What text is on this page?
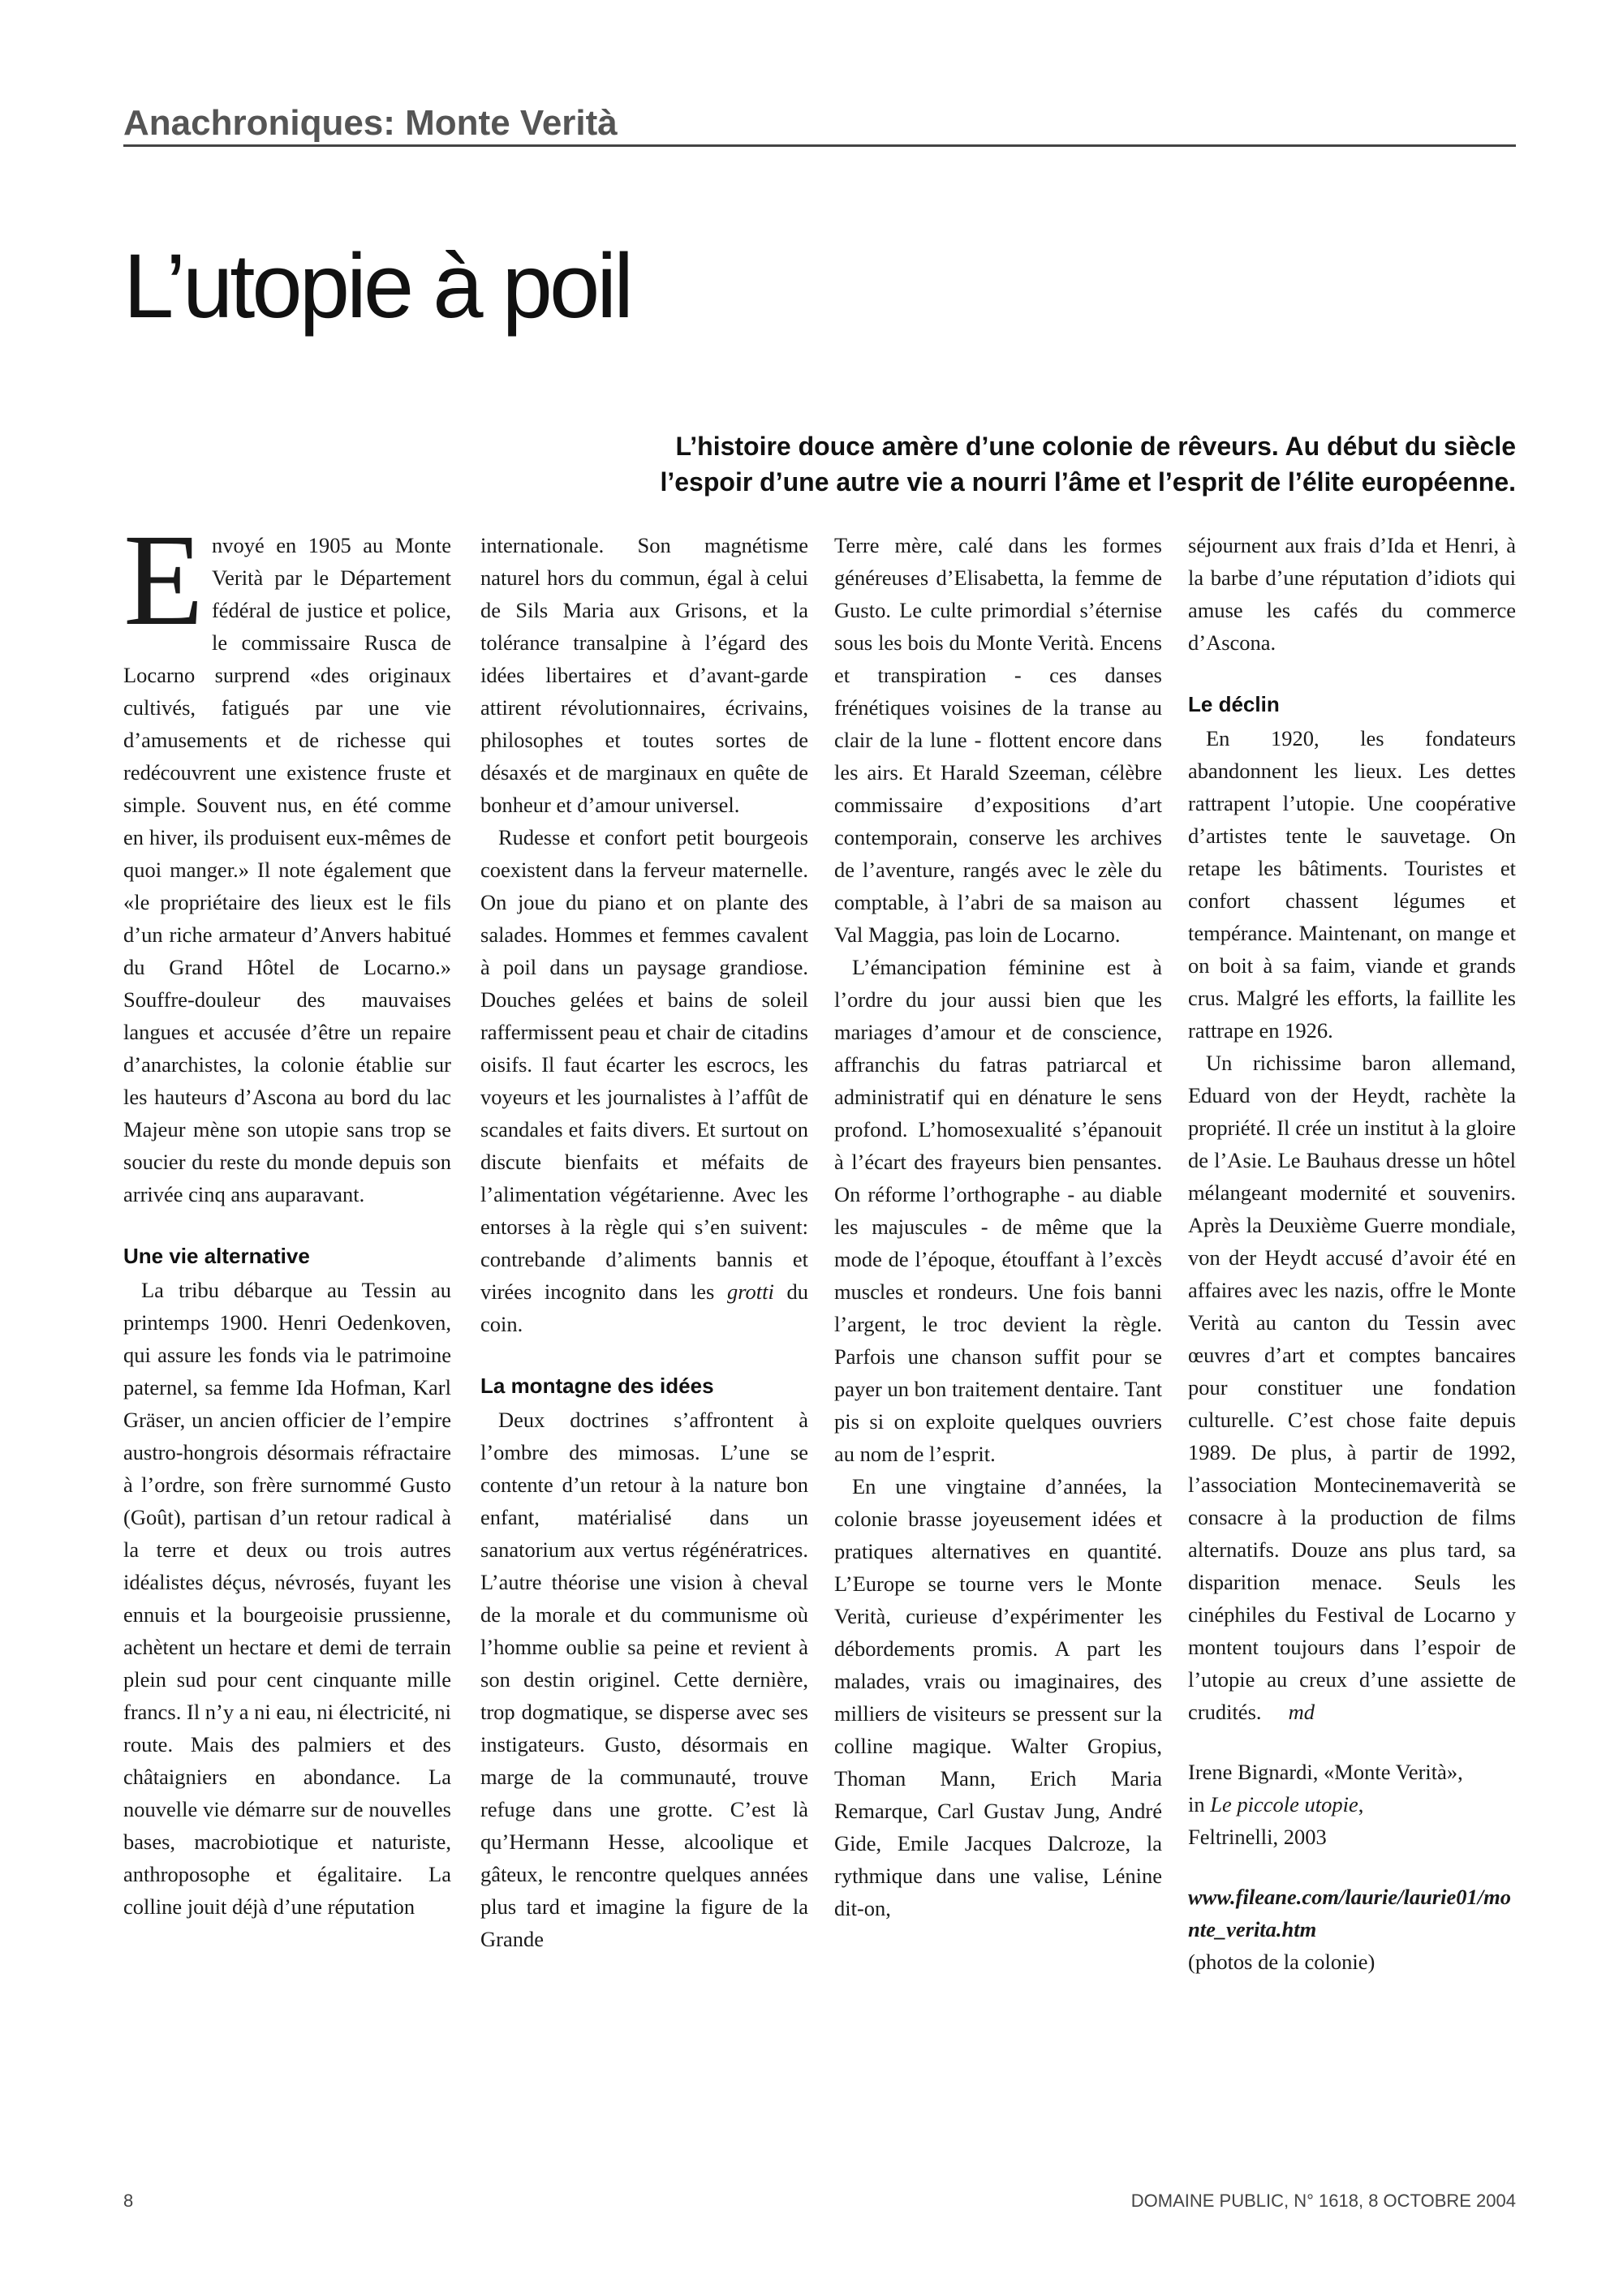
Anachroniques: Monte Verità
L’utopie à poil

L’histoire douce amère d’une colonie de rêveurs. Au début du siècle
l’espoir d’une autre vie a nourri l’âme et l’esprit de l’élite européenne.

Envoyé en 1905 au Monte Verità par le Département fédéral de justice et police, le commissaire Rusca de Locarno surprend «des originaux cultivés, fatigués par une vie d’amusements et de richesse qui redécouvrent une existence fruste et simple. Souvent nus, en été comme en hiver, ils produisent eux-mêmes de quoi manger.» Il note également que «le propriétaire des lieux est le fils d’un riche armateur d’Anvers habitué du Grand Hôtel de Locarno.» Souffre-douleur des mauvaises langues et accusée d’être un repaire d’anarchistes, la colonie établie sur les hauteurs d’Ascona au bord du lac Majeur mène son utopie sans trop se soucier du reste du monde depuis son arrivée cinq ans auparavant.

Une vie alternative

La tribu débarque au Tessin au printemps 1900. Henri Oedenkoven, qui assure les fonds via le patrimoine paternel, sa femme Ida Hofman, Karl Gräser, un ancien officier de l’empire austro-hongrois désormais réfractaire à l’ordre, son frère surnommé Gusto (Goût), partisan d’un retour radical à la terre et deux ou trois autres idéalistes déçus, névrosés, fuyant les ennuis et la bourgeoisie prussienne, achètent un hectare et demi de terrain plein sud pour cent cinquante mille francs. Il n’y a ni eau, ni électricité, ni route. Mais des palmiers et des châtaigniers en abondance. La nouvelle vie démarre sur de nouvelles bases, macrobiotique et naturiste, anthroposophe et égalitaire. La colline jouit déjà d’une réputation

internationale. Son magnétisme naturel hors du commun, égal à celui de Sils Maria aux Grisons, et la tolérance transalpine à l’égard des idées libertaires et d’avant-garde attirent révolutionnaires, écrivains, philosophes et toutes sortes de désaxés et de marginaux en quête de bonheur et d’amour universel.

Rudesse et confort petit bourgeois coexistent dans la ferveur maternelle. On joue du piano et on plante des salades. Hommes et femmes cavalent à poil dans un paysage grandiose. Douches gelées et bains de soleil raffermissent peau et chair de citadins oisifs. Il faut écarter les escrocs, les voyeurs et les journalistes à l’affût de scandales et faits divers. Et surtout on discute bienfaits et méfaits de l’alimentation végétarienne. Avec les entorses à la règle qui s’en suivent: contrebande d’aliments bannis et virées incognito dans les grotti du coin.

La montagne des idées

Deux doctrines s’affrontent à l’ombre des mimosas. L’une se contente d’un retour à la nature bon enfant, matérialisé dans un sanatorium aux vertus régénératrices. L’autre théorise une vision à cheval de la morale et du communisme où l’homme oublie sa peine et revient à son destin originel. Cette dernière, trop dogmatique, se disperse avec ses instigateurs. Gusto, désormais en marge de la communauté, trouve refuge dans une grotte. C’est là qu’Hermann Hesse, alcoolique et gâteux, le rencontre quelques années plus tard et imagine la figure de la Grande

Terre mère, calé dans les formes généreuses d’Elisabetta, la femme de Gusto. Le culte primordial s’éternise sous les bois du Monte Verità. Encens et transpiration - ces danses frénétiques voisines de la transe au clair de la lune - flottent encore dans les airs. Et Harald Szeeman, célèbre commissaire d’expositions d’art contemporain, conserve les archives de l’aventure, rangés avec le zèle du comptable, à l’abri de sa maison au Val Maggia, pas loin de Locarno.

L’émancipation féminine est à l’ordre du jour aussi bien que les mariages d’amour et de conscience, affranchis du fatras patriarcal et administratif qui en dénature le sens profond. L’homosexualité s’épanouit à l’écart des frayeurs bien pensantes. On réforme l’orthographe - au diable les majuscules - de même que la mode de l’époque, étouffant à l’excès muscles et rondeurs. Une fois banni l’argent, le troc devient la règle. Parfois une chanson suffit pour se payer un bon traitement dentaire. Tant pis si on exploite quelques ouvriers au nom de l’esprit.

En une vingtaine d’années, la colonie brasse joyeusement idées et pratiques alternatives en quantité. L’Europe se tourne vers le Monte Verità, curieuse d’expérimenter les débordements promis. A part les malades, vrais ou imaginaires, des milliers de visiteurs se pressent sur la colline magique. Walter Gropius, Thoman Mann, Erich Maria Remarque, Carl Gustav Jung, André Gide, Emile Jacques Dalcroze, la rythmique dans une valise, Lénine dit-on,

séjournent aux frais d’Ida et Henri, à la barbe d’une réputation d’idiots qui amuse les cafés du commerce d’Ascona.

Le déclin

En 1920, les fondateurs abandonnent les lieux. Les dettes rattrapent l’utopie. Une coopérative d’artistes tente le sauvetage. On retape les bâtiments. Touristes et confort chassent légumes et tempérance. Maintenant, on mange et on boit à sa faim, viande et grands crus. Malgré les efforts, la faillite les rattrape en 1926.

Un richissime baron allemand, Eduard von der Heydt, rachète la propriété. Il crée un institut à la gloire de l’Asie. Le Bauhaus dresse un hôtel mélangeant modernité et souvenirs. Après la Deuxième Guerre mondiale, von der Heydt accusé d’avoir été en affaires avec les nazis, offre le Monte Verità au canton du Tessin avec œuvres d’art et comptes bancaires pour constituer une fondation culturelle. C’est chose faite depuis 1989. De plus, à partir de 1992, l’association Montecinemaverità se consacre à la production de films alternatifs. Douze ans plus tard, sa disparition menace. Seuls les cinéphiles du Festival de Locarno y montent toujours dans l’espoir de l’utopie au creux d’une assiette de crudités. md

Irene Bignardi, «Monte Verità»,
in Le piccole utopie,
Feltrinelli, 2003

www.fileane.com/laurie/laurie01/monte_verita.htm
(photos de la colonie)

8	DOMAINE PUBLIC, N° 1618, 8 OCTOBRE 2004
